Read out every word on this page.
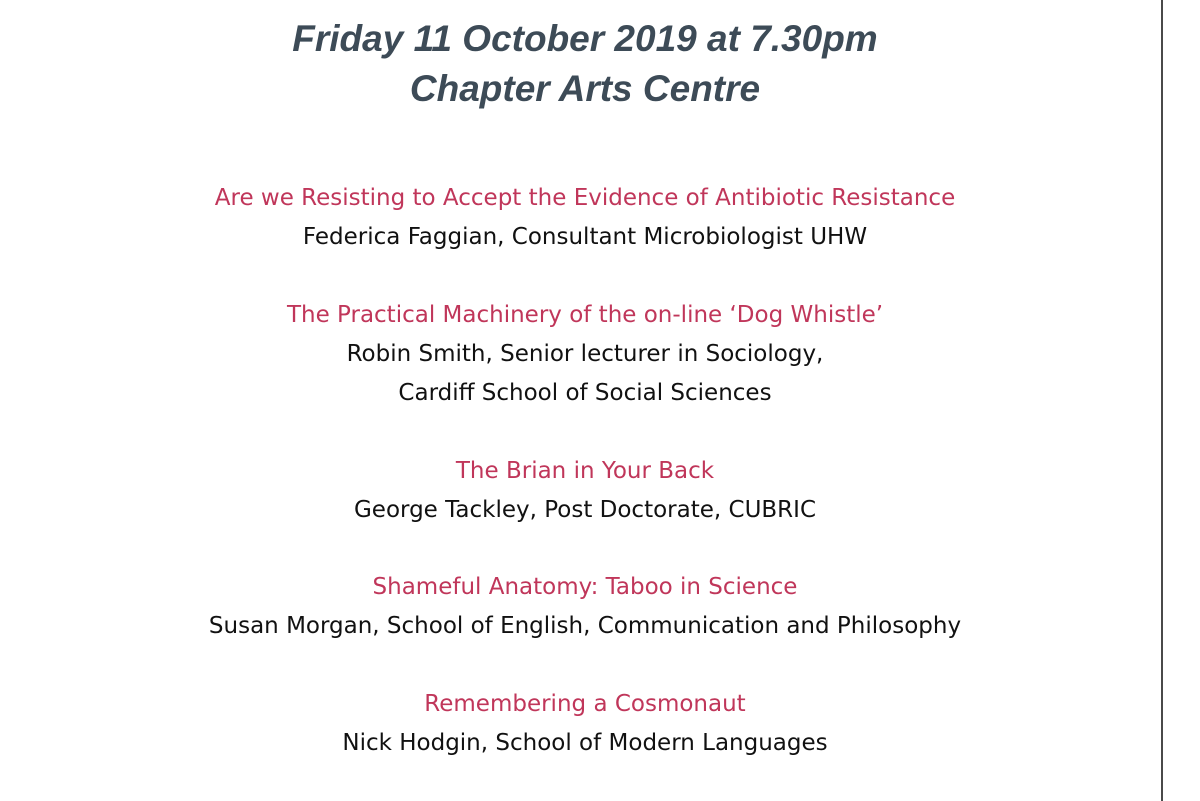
Friday 11 October 2019 at 7.30pm
Chapter Arts Centre
Are we Resisting to Accept the Evidence of Antibiotic Resistance
Federica Faggian, Consultant Microbiologist UHW
The Practical Machinery of the on-line ‘Dog Whistle’
Robin Smith, Senior lecturer in Sociology,
Cardiff School of Social Sciences
The Brian in Your Back
George Tackley, Post Doctorate, CUBRIC
Shameful Anatomy: Taboo in Science
Susan Morgan, School of English, Communication and Philosophy
Remembering a Cosmonaut
Nick Hodgin, School of Modern Languages
